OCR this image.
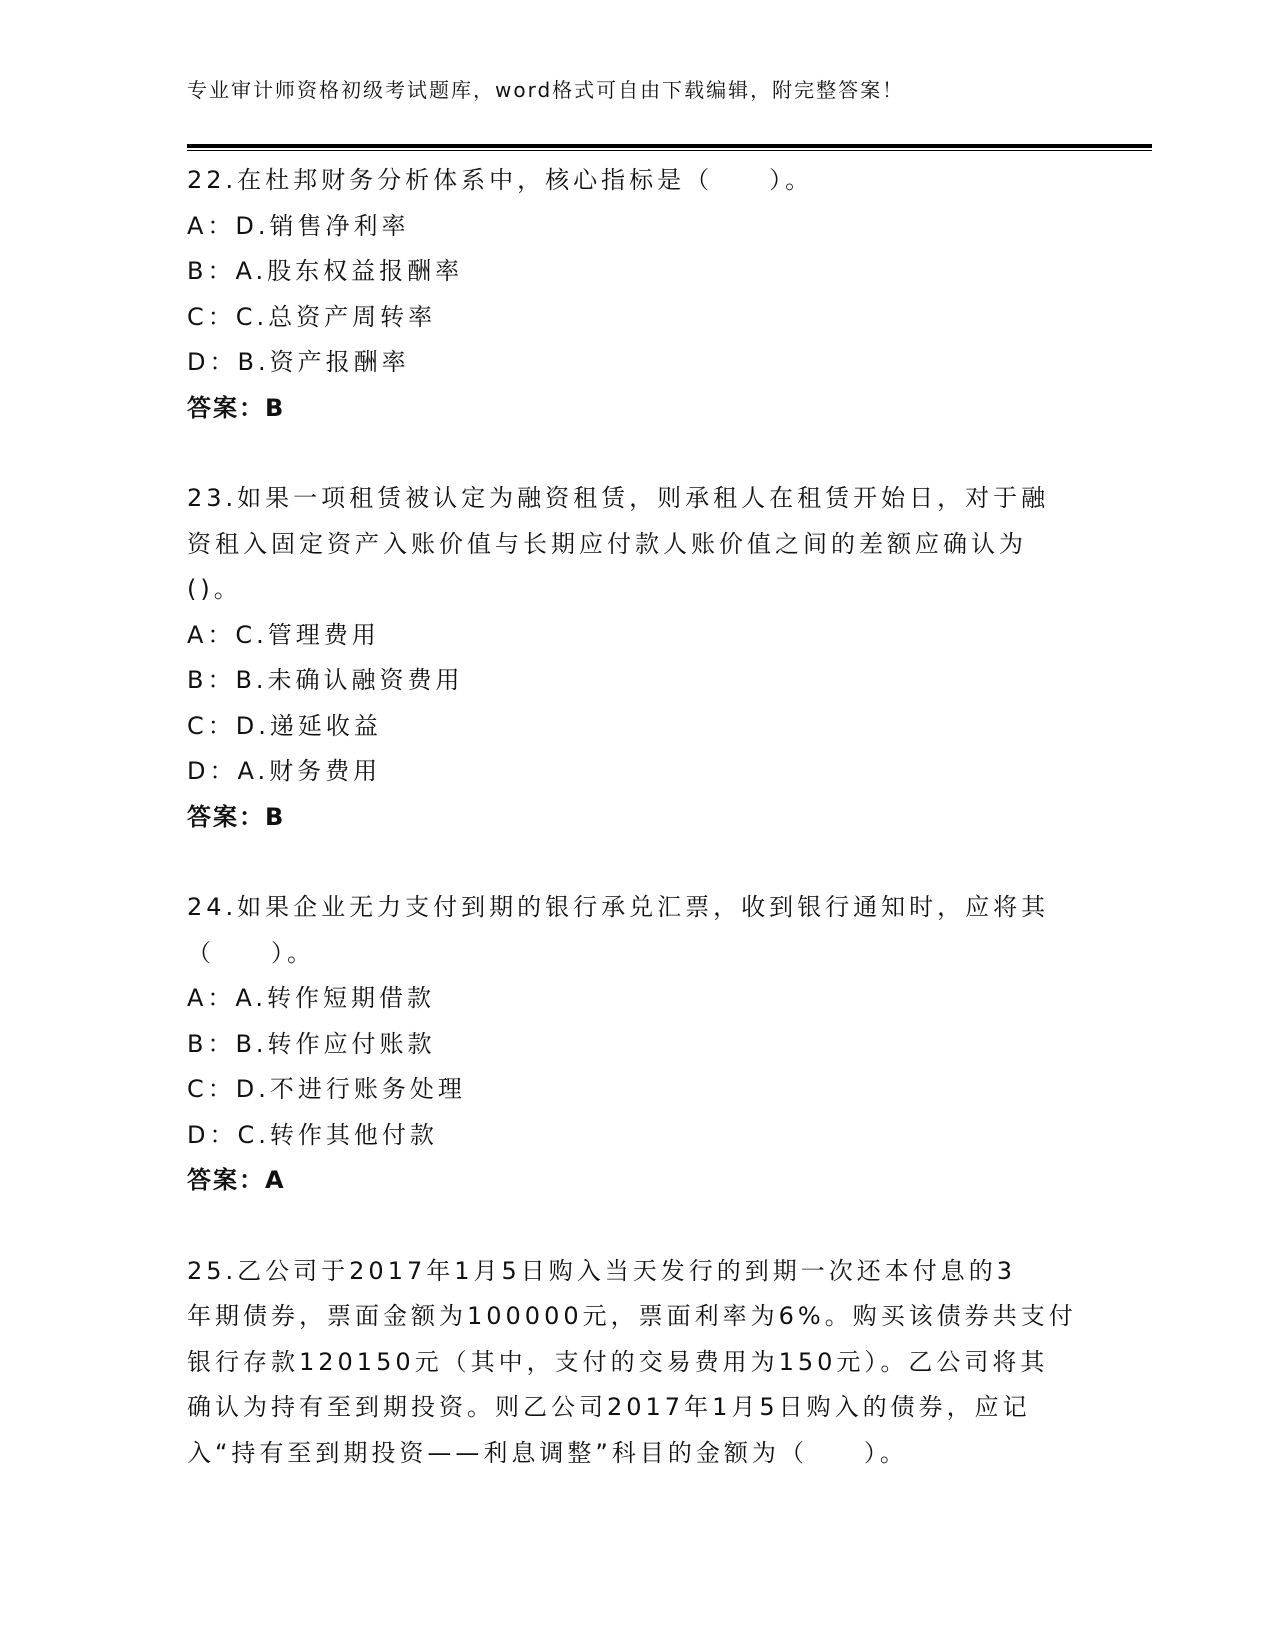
专业审计师资格初级考试题库，word格式可自由下载编辑，附完整答案！
22.在杜邦财务分析体系中，核心指标是（　　）。
A：D.销售净利率
B：A.股东权益报酬率
C：C.总资产周转率
D：B.资产报酬率
答案：B
23.如果一项租赁被认定为融资租赁，则承租人在租赁开始日，对于融
资租入固定资产入账价值与长期应付款人账价值之间的差额应确认为
()。
A：C.管理费用
B：B.未确认融资费用
C：D.递延收益
D：A.财务费用
答案：B
24.如果企业无力支付到期的银行承兑汇票，收到银行通知时，应将其
（　　）。
A：A.转作短期借款
B：B.转作应付账款
C：D.不进行账务处理
D：C.转作其他付款
答案：A
25.乙公司于2017年1月5日购入当天发行的到期一次还本付息的3
年期债券，票面金额为100000元，票面利率为6%。购买该债券共支付
银行存款120150元（其中，支付的交易费用为150元）。乙公司将其
确认为持有至到期投资。则乙公司2017年1月5日购入的债券，应记
入“持有至到期投资——利息调整”科目的金额为（　　）。
